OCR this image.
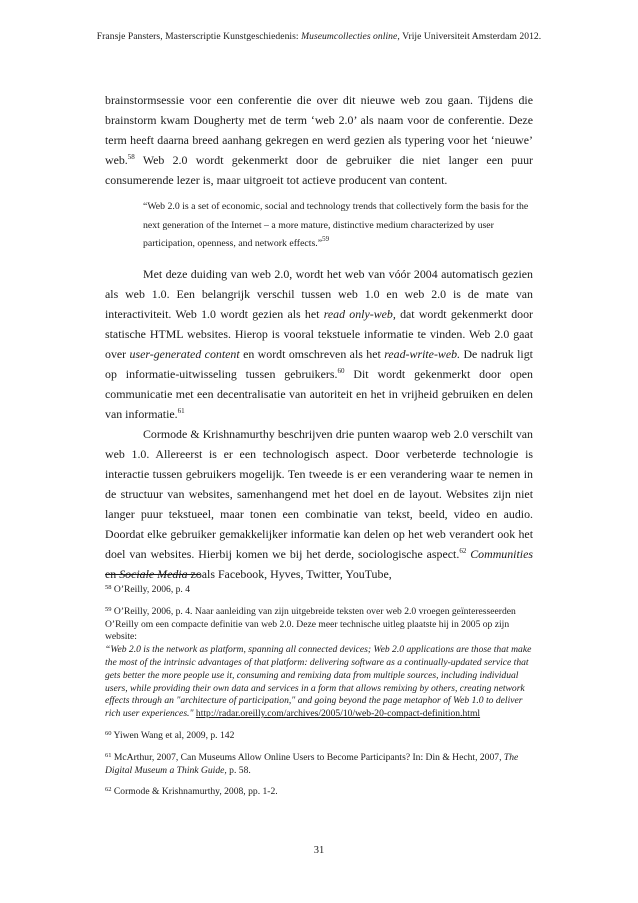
Fransje Pansters, Masterscriptie Kunstgeschiedenis: Museumcollecties online, Vrije Universiteit Amsterdam 2012.

brainstormsessie voor een conferentie die over dit nieuwe web zou gaan. Tijdens die brainstorm kwam Dougherty met de term ‘web 2.0’ als naam voor de conferentie. Deze term heeft daarna breed aanhang gekregen en werd gezien als typering voor het ‘nieuwe’ web.$^{58}$ Web 2.0 wordt gekenmerkt door de gebruiker die niet langer een puur consumerende lezer is, maar uitgroeit tot actieve producent van content.

“Web 2.0 is a set of economic, social and technology trends that collectively form the basis for the next generation of the Internet – a more mature, distinctive medium characterized by user participation, openness, and network effects.”$^{59}$

Met deze duiding van web 2.0, wordt het web van vóór 2004 automatisch gezien als web 1.0. Een belangrijk verschil tussen web 1.0 en web 2.0 is de mate van interactiviteit. Web 1.0 wordt gezien als het read only-web, dat wordt gekenmerkt door statische HTML websites. Hierop is vooral tekstuele informatie te vinden. Web 2.0 gaat over user-generated content en wordt omschreven als het read-write-web. De nadruk ligt op informatie-uitwisseling tussen gebruikers.$^{60}$ Dit wordt gekenmerkt door open communicatie met een decentralisatie van autoriteit en het in vrijheid gebruiken en delen van informatie.$^{61}$

Cormode & Krishnamurthy beschrijven drie punten waarop web 2.0 verschilt van web 1.0. Allereerst is er een technologisch aspect. Door verbeterde technologie is interactie tussen gebruikers mogelijk. Ten tweede is er een verandering waar te nemen in de structuur van websites, samenhangend met het doel en de layout. Websites zijn niet langer puur tekstueel, maar tonen een combinatie van tekst, beeld, video en audio. Doordat elke gebruiker gemakkelijker informatie kan delen op het web verandert ook het doel van websites. Hierbij komen we bij het derde, sociologische aspect.$^{62}$ Communities en Sociale Media zoals Facebook, Hyves, Twitter, YouTube,

$^{58}$ O’Reilly, 2006, p. 4
$^{59}$ O’Reilly, 2006, p. 4. Naar aanleiding van zijn uitgebreide teksten over web 2.0 vroegen geïnteresseerden O’Reilly om een compacte definitie van web 2.0. Deze meer technische uitleg plaatste hij in 2005 op zijn website:
“Web 2.0 is the network as platform, spanning all connected devices; Web 2.0 applications are those that make the most of the intrinsic advantages of that platform: delivering software as a continually-updated service that gets better the more people use it, consuming and remixing data from multiple sources, including individual users, while providing their own data and services in a form that allows remixing by others, creating network effects through an "architecture of participation," and going beyond the page metaphor of Web 1.0 to deliver rich user experiences." http://radar.oreilly.com/archives/2005/10/web-20-compact-definition.html
$^{60}$ Yiwen Wang et al, 2009, p. 142
$^{61}$ McArthur, 2007, Can Museums Allow Online Users to Become Participants? In: Din & Hecht, 2007, The Digital Museum a Think Guide, p. 58.
$^{62}$ Cormode & Krishnamurthy, 2008, pp. 1-2.
31
